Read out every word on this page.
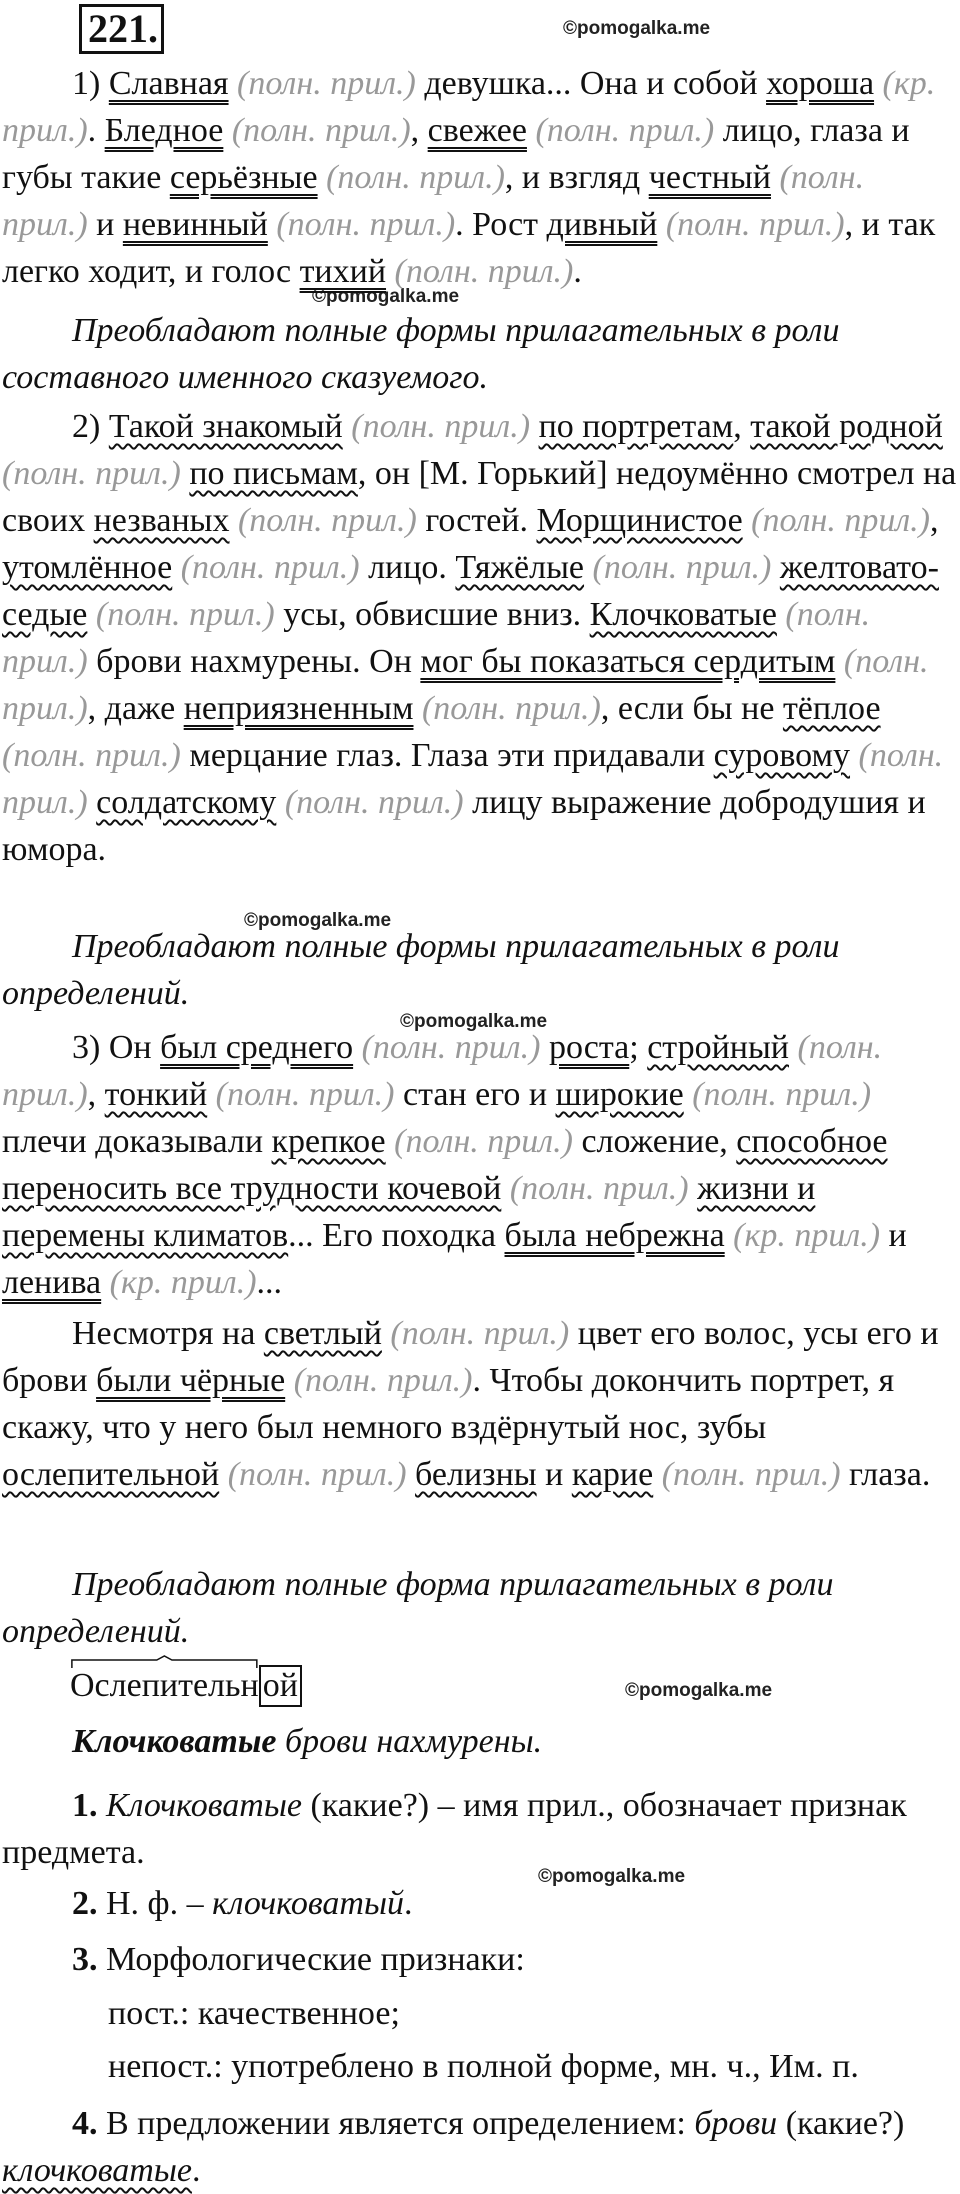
221.	©pomogalka.me
©pomogalka.me
©pomogalka.me
©pomogalka.me
©pomogalka.me
©pomogalka.me

1) Славная (полн. прил.) девушка... Она и собой хороша (кр. прил.). Бледное (полн. прил.), свежее (полн. прил.) лицо, глаза и губы такие серьёзные (полн. прил.), и взгляд честный (полн. прил.) и невинный (полн. прил.). Рост дивный (полн. прил.), и так легко ходит, и голос тихий (полн. прил.).

Преобладают полные формы прилагательных в роли составного именного сказуемого.

2) Такой знакомый (полн. прил.) по портретам, такой родной (полн. прил.) по письмам, он [М. Горький] недоумённо смотрел на своих незваных (полн. прил.) гостей. Морщинистое (полн. прил.), утомлённое (полн. прил.) лицо. Тяжёлые (полн. прил.) желтовато-седые (полн. прил.) усы, обвисшие вниз. Клочковатые (полн. прил.) брови нахмурены. Он мог бы показаться сердитым (полн. прил.), даже неприязненным (полн. прил.), если бы не тёплое (полн. прил.) мерцание глаз. Глаза эти придавали суровому (полн. прил.) солдатскому (полн. прил.) лицу выражение добродушия и юмора.

Преобладают полные формы прилагательных в роли определений.

3) Он был среднего (полн. прил.) роста; стройный (полн. прил.), тонкий (полн. прил.) стан его и широкие (полн. прил.) плечи доказывали крепкое (полн. прил.) сложение, способное переносить все трудности кочевой (полн. прил.) жизни и перемены климатов... Его походка была небрежна (кр. прил.) и ленива (кр. прил.)...

Несмотря на светлый (полн. прил.) цвет его волос, усы его и брови были чёрные (полн. прил.). Чтобы докончить портрет, я скажу, что у него был немного вздёрнутый нос, зубы ослепительной (полн. прил.) белизны и карие (полн. прил.) глаза.

Преобладают полные форма прилагательных в роли определений.

Ослепительн ой

Клочковатые брови нахмурены.

1. Клочковатые (какие?) – имя прил., обозначает признак предмета.

2. Н. ф. – клочковатый.

3. Морфологические признаки:

пост.: качественное;

непост.: употреблено в полной форме, мн. ч., Им. п.

4. В предложении является определением: брови (какие?) клочковатые.
